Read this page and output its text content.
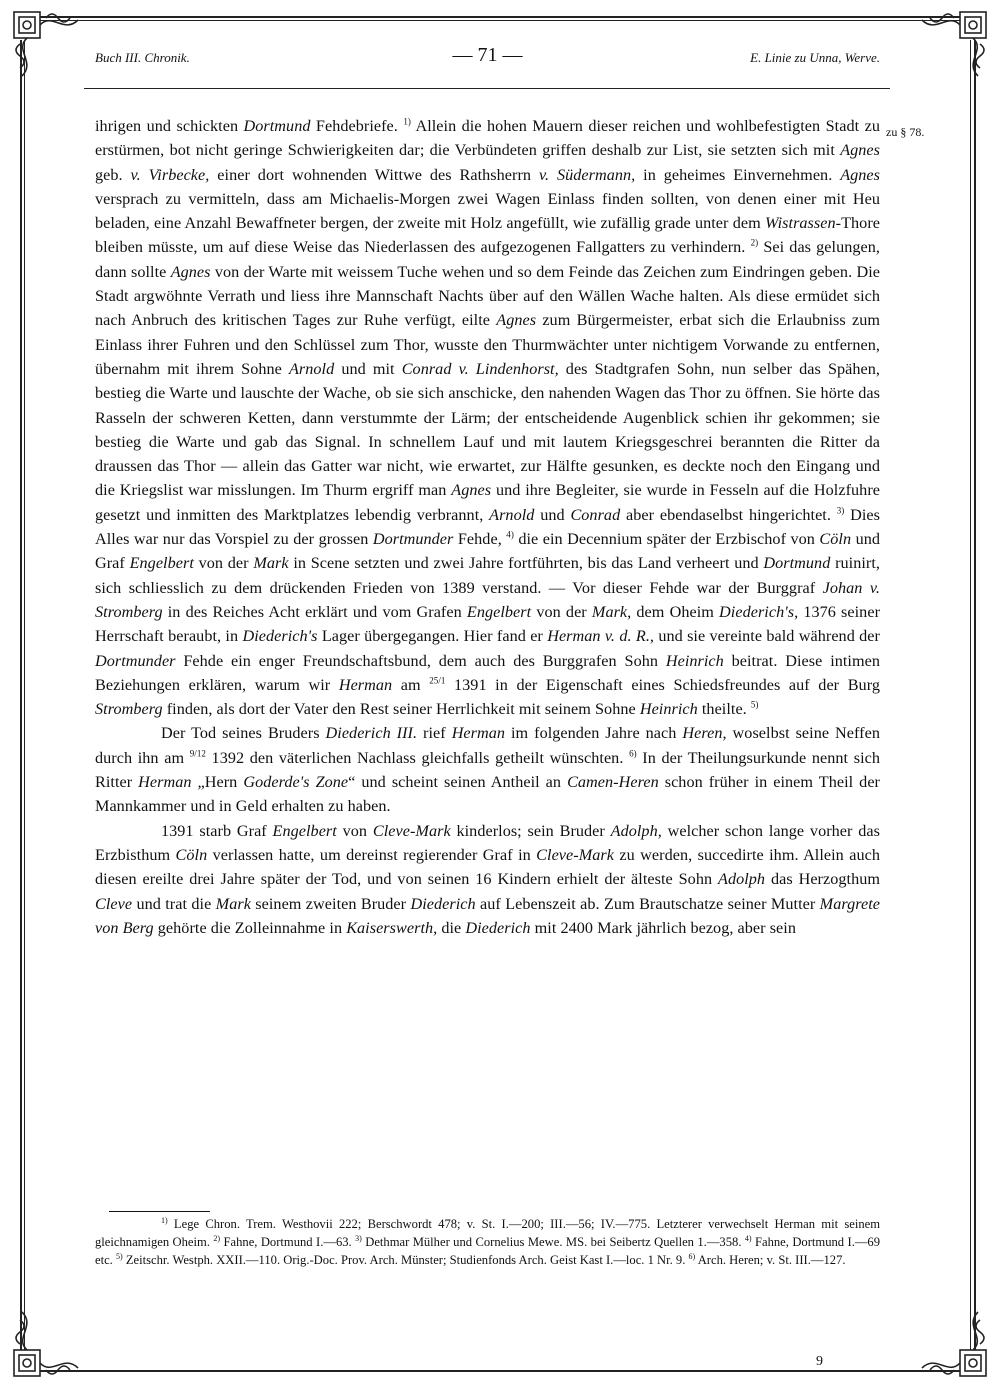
Buch III. Chronik.	— 71 —	E. Linie zu Unna, Werve.
zu § 78.

ihrigen und schickten Dortmund Fehdebriefe. $^{1)}$ Allein die hohen Mauern dieser reichen und wohlbefestigten Stadt zu erstürmen, bot nicht geringe Schwierigkeiten dar; die Verbündeten griffen deshalb zur List, sie setzten sich mit Agnes geb. v. Virbecke, einer dort wohnenden Wittwe des Rathsherrn v. Südermann, in geheimes Einvernehmen. Agnes versprach zu vermitteln, dass am Michaelis-Morgen zwei Wagen Einlass finden sollten, von denen einer mit Heu beladen, eine Anzahl Bewaffneter bergen, der zweite mit Holz angefüllt, wie zufällig grade unter dem Wistrassen-Thore bleiben müsste, um auf diese Weise das Niederlassen des aufgezogenen Fallgatters zu verhindern. $^{2)}$ Sei das gelungen, dann sollte Agnes von der Warte mit weissem Tuche wehen und so dem Feinde das Zeichen zum Eindringen geben. Die Stadt argwöhnte Verrath und liess ihre Mannschaft Nachts über auf den Wällen Wache halten. Als diese ermüdet sich nach Anbruch des kritischen Tages zur Ruhe verfügt, eilte Agnes zum Bürgermeister, erbat sich die Erlaubniss zum Einlass ihrer Fuhren und den Schlüssel zum Thor, wusste den Thurmwächter unter nichtigem Vorwande zu entfernen, übernahm mit ihrem Sohne Arnold und mit Conrad v. Lindenhorst, des Stadtgrafen Sohn, nun selber das Spähen, bestieg die Warte und lauschte der Wache, ob sie sich anschicke, den nahenden Wagen das Thor zu öffnen. Sie hörte das Rasseln der schweren Ketten, dann verstummte der Lärm; der entscheidende Augenblick schien ihr gekommen; sie bestieg die Warte und gab das Signal. In schnellem Lauf und mit lautem Kriegsgeschrei berannten die Ritter da draussen das Thor — allein das Gatter war nicht, wie erwartet, zur Hälfte gesunken, es deckte noch den Eingang und die Kriegslist war misslungen. Im Thurm ergriff man Agnes und ihre Begleiter, sie wurde in Fesseln auf die Holzfuhre gesetzt und inmitten des Marktplatzes lebendig verbrannt, Arnold und Conrad aber ebendaselbst hingerichtet. $^{3)}$ Dies Alles war nur das Vorspiel zu der grossen Dortmunder Fehde, $^{4)}$ die ein Decennium später der Erzbischof von Cöln und Graf Engelbert von der Mark in Scene setzten und zwei Jahre fortführten, bis das Land verheert und Dortmund ruinirt, sich schliesslich zu dem drückenden Frieden von 1389 verstand. — Vor dieser Fehde war der Burggraf Johan v. Stromberg in des Reiches Acht erklärt und vom Grafen Engelbert von der Mark, dem Oheim Diederich's, 1376 seiner Herrschaft beraubt, in Diederich's Lager übergegangen. Hier fand er Herman v. d. R., und sie vereinte bald während der Dortmunder Fehde ein enger Freundschaftsbund, dem auch des Burggrafen Sohn Heinrich beitrat. Diese intimen Beziehungen erklären, warum wir Herman am $^{25/1}$ 1391 in der Eigenschaft eines Schiedsfreundes auf der Burg Stromberg finden, als dort der Vater den Rest seiner Herrlichkeit mit seinem Sohne Heinrich theilte. $^{5)}$

Der Tod seines Bruders Diederich III. rief Herman im folgenden Jahre nach Heren, woselbst seine Neffen durch ihn am $^{9/12}$ 1392 den väterlichen Nachlass gleichfalls getheilt wünschten. $^{6)}$ In der Theilungsurkunde nennt sich Ritter Herman „Hern Goderde's Zone“ und scheint seinen Antheil an Camen-Heren schon früher in einem Theil der Mannkammer und in Geld erhalten zu haben.

1391 starb Graf Engelbert von Cleve-Mark kinderlos; sein Bruder Adolph, welcher schon lange vorher das Erzbisthum Cöln verlassen hatte, um dereinst regierender Graf in Cleve-Mark zu werden, succedirte ihm. Allein auch diesen ereilte drei Jahre später der Tod, und von seinen 16 Kindern erhielt der älteste Sohn Adolph das Herzogthum Cleve und trat die Mark seinem zweiten Bruder Diederich auf Lebenszeit ab. Zum Brautschatze seiner Mutter Margrete von Berg gehörte die Zolleinnahme in Kaiserswerth, die Diederich mit 2400 Mark jährlich bezog, aber sein

$^{1)}$ Lege Chron. Trem. Westhovii 222; Berschwordt 478; v. St. I.—200; III.—56; IV.—775. Letzterer verwechselt Herman mit seinem gleichnamigen Oheim. $^{2)}$ Fahne, Dortmund I.—63. $^{3)}$ Dethmar Mülher und Cornelius Mewe. MS. bei Seibertz Quellen 1.—358. $^{4)}$ Fahne, Dortmund I.—69 etc. $^{5)}$ Zeitschr. Westph. XXII.—110. Orig.-Doc. Prov. Arch. Münster; Studienfonds Arch. Geist Kast I.—loc. 1 Nr. 9. $^{6)}$ Arch. Heren; v. St. III.—127.

9
